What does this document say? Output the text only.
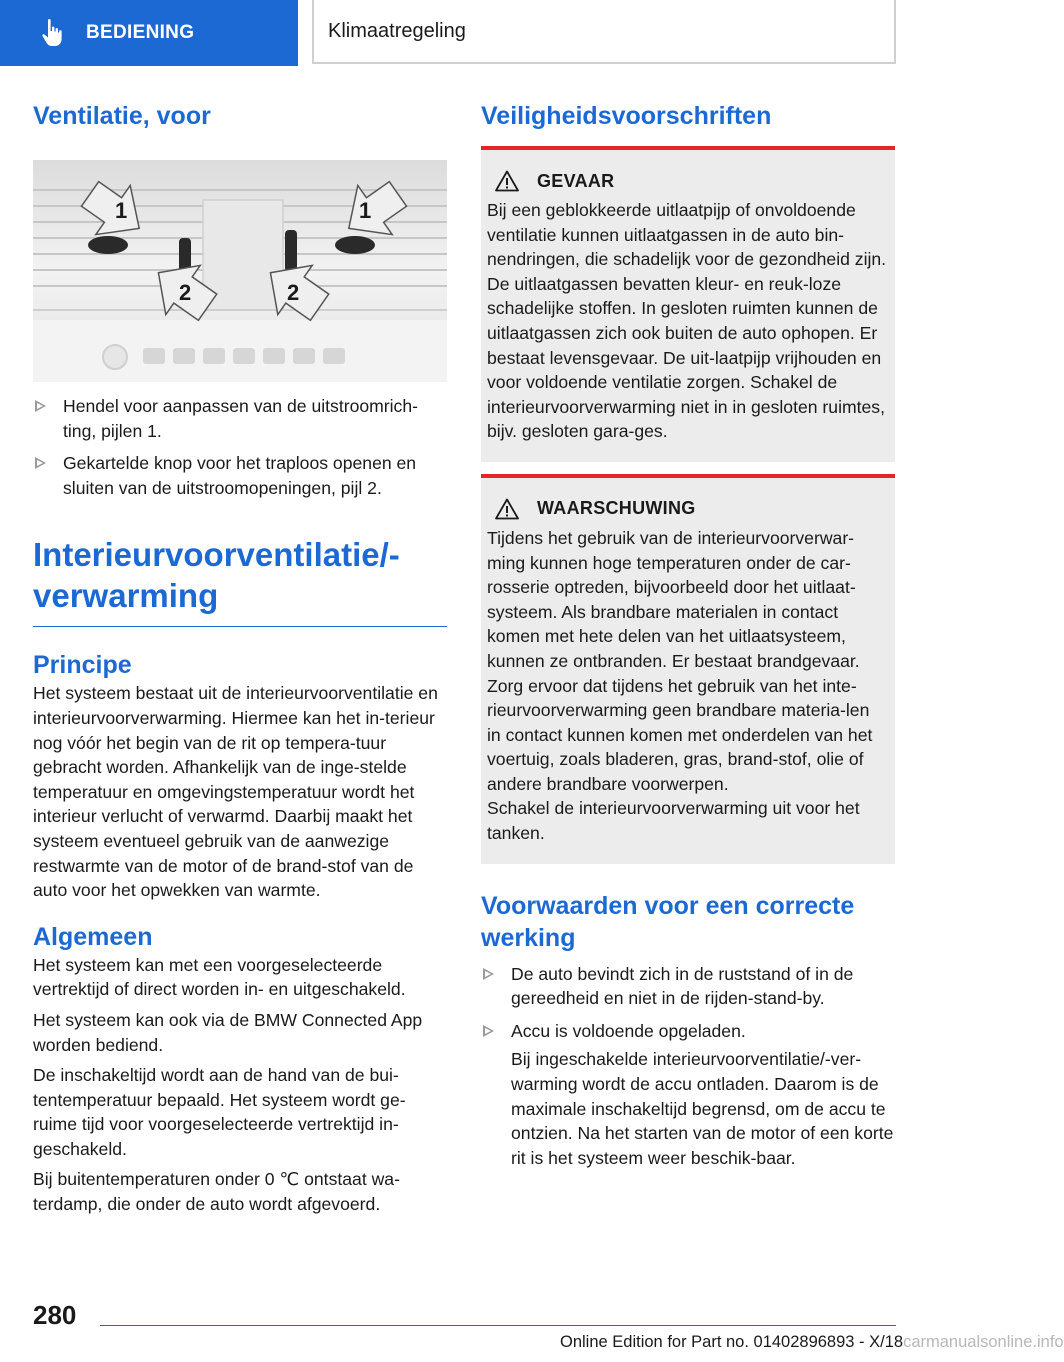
BEDIENING	Klimaatregeling
Ventilatie, voor
1	1
2	2
Hendel voor aanpassen van de uitstroomrich-ting, pijlen 1.
Gekartelde knop voor het traploos openen en sluiten van de uitstroomopeningen, pijl 2.
Interieurvoorventilatie/-verwarming
Principe

Het systeem bestaat uit de interieurvoorventilatie en interieurvoorverwarming. Hiermee kan het in-terieur nog vóór het begin van de rit op tempera-tuur gebracht worden. Afhankelijk van de inge-stelde temperatuur en omgevingstemperatuur wordt het interieur verlucht of verwarmd. Daarbij maakt het systeem eventueel gebruik van de aanwezige restwarmte van de motor of de brand-stof van de auto voor het opwekken van warmte.

Algemeen

Het systeem kan met een voorgeselecteerde vertrektijd of direct worden in- en uitgeschakeld.

Het systeem kan ook via de BMW Connected App worden bediend.

De inschakeltijd wordt aan de hand van de bui-tentemperatuur bepaald. Het systeem wordt ge-ruime tijd voor voorgeselecteerde vertrektijd in-geschakeld.

Bij buitentemperaturen onder 0 ℃ ontstaat wa-terdamp, die onder de auto wordt afgevoerd.

Veiligheidsvoorschriften
GEVAAR

Bij een geblokkeerde uitlaatpijp of onvoldoende ventilatie kunnen uitlaatgassen in de auto bin-nendringen, die schadelijk voor de gezondheid zijn. De uitlaatgassen bevatten kleur- en reuk-loze schadelijke stoffen. In gesloten ruimten kunnen de uitlaatgassen zich ook buiten de auto ophopen. Er bestaat levensgevaar. De uit-laatpijp vrijhouden en voor voldoende ventilatie zorgen. Schakel de interieurvoorverwarming niet in in gesloten ruimtes, bijv. gesloten gara-ges.

WAARSCHUWING

Tijdens het gebruik van de interieurvoorverwar-ming kunnen hoge temperaturen onder de car-rosserie optreden, bijvoorbeeld door het uitlaat-systeem. Als brandbare materialen in contact komen met hete delen van het uitlaatsysteem, kunnen ze ontbranden. Er bestaat brandgevaar. Zorg ervoor dat tijdens het gebruik van het inte-rieurvoorverwarming geen brandbare materia-len in contact kunnen komen met onderdelen van het voertuig, zoals bladeren, gras, brand-stof, olie of andere brandbare voorwerpen.

Schakel de interieurvoorverwarming uit voor het tanken.

Voorwaarden voor een correcte werking
De auto bevindt zich in de ruststand of in de gereedheid en niet in de rijden-stand-by.
Accu is voldoende opgeladen.

Bij ingeschakelde interieurvoorventilatie/-ver-warming wordt de accu ontladen. Daarom is de maximale inschakeltijd begrensd, om de accu te ontzien. Na het starten van de motor of een korte rit is het systeem weer beschik-baar.

280
Online Edition for Part no. 01402896893 - X/18carmanualsonline.info
